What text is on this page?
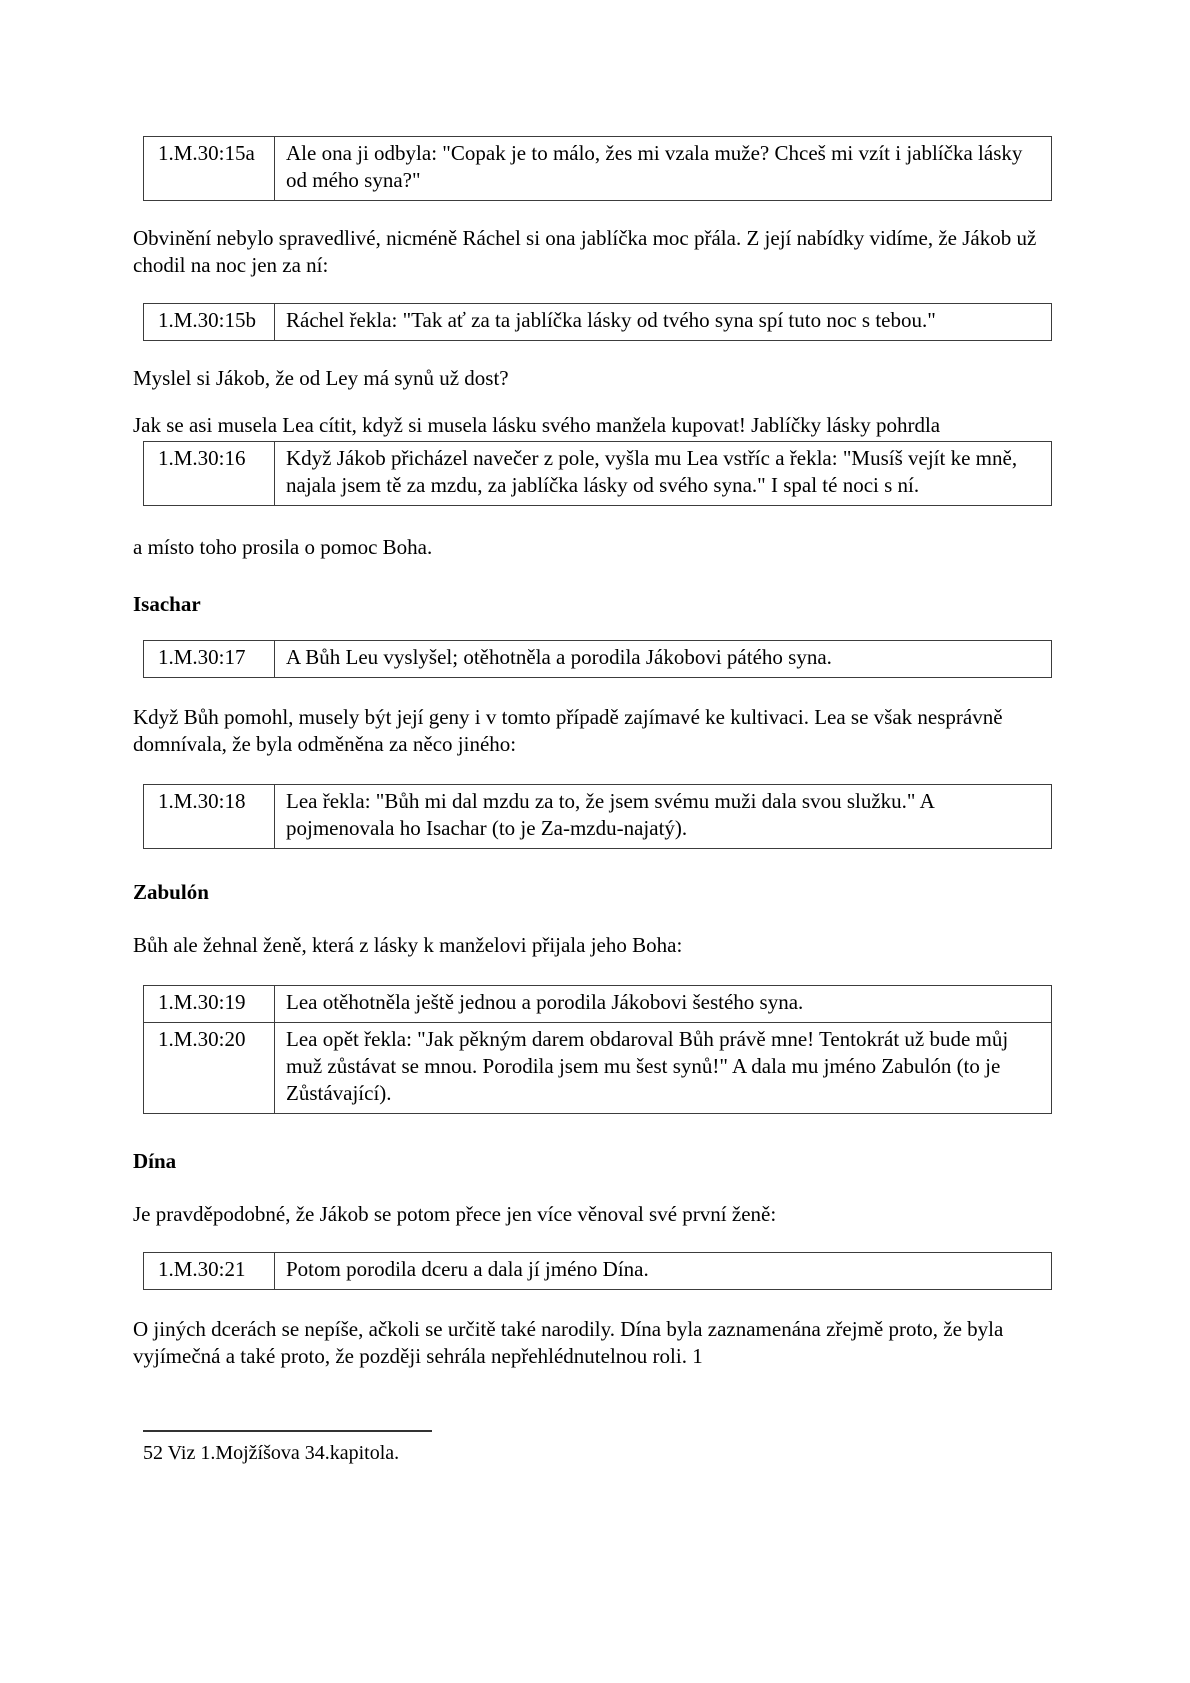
1.M.30:15a	Ale ona ji odbyla: "Copak je to málo, žes mi vzala muže? Chceš mi vzít i jablíčka lásky od mého syna?"

Obvinění nebylo spravedlivé, nicméně Ráchel si ona jablíčka moc přála. Z její nabídky vidíme, že Jákob už chodil na noc jen za ní:

1.M.30:15b	Ráchel řekla: "Tak ať za ta jablíčka lásky od tvého syna spí tuto noc s tebou."

Myslel si Jákob, že od Ley má synů už dost?

Jak se asi musela Lea cítit, když si musela lásku svého manžela kupovat! Jablíčky lásky pohrdla

1.M.30:16	Když Jákob přicházel navečer z pole, vyšla mu Lea vstříc a řekla: "Musíš vejít ke mně, najala jsem tě za mzdu, za jablíčka lásky od svého syna." I spal té noci s ní.

a místo toho prosila o pomoc Boha.

Isachar

1.M.30:17	A Bůh Leu vyslyšel; otěhotněla a porodila Jákobovi pátého syna.

Když Bůh pomohl, musely být její geny i v tomto případě zajímavé ke kultivaci. Lea se však nesprávně domnívala, že byla odměněna za něco jiného:

1.M.30:18	Lea řekla: "Bůh mi dal mzdu za to, že jsem svému muži dala svou služku." A pojmenovala ho Isachar (to je Za-mzdu-najatý).

Zabulón

Bůh ale žehnal ženě, která z lásky k manželovi přijala jeho Boha:

1.M.30:19	Lea otěhotněla ještě jednou a porodila Jákobovi šestého syna.
1.M.30:20	Lea opět řekla: "Jak pěkným darem obdaroval Bůh právě mne! Tentokrát už bude můj muž zůstávat se mnou. Porodila jsem mu šest synů!" A dala mu jméno Zabulón (to je Zůstávající).

Dína

Je pravděpodobné, že Jákob se potom přece jen více věnoval své první ženě:

1.M.30:21	Potom porodila dceru a dala jí jméno Dína.

O jiných dcerách se nepíše, ačkoli se určitě také narodily. Dína byla zaznamenána zřejmě proto, že byla vyjímečná a také proto, že později sehrála nepřehlédnutelnou roli. 1

52 Viz 1.Mojžíšova 34.kapitola.
